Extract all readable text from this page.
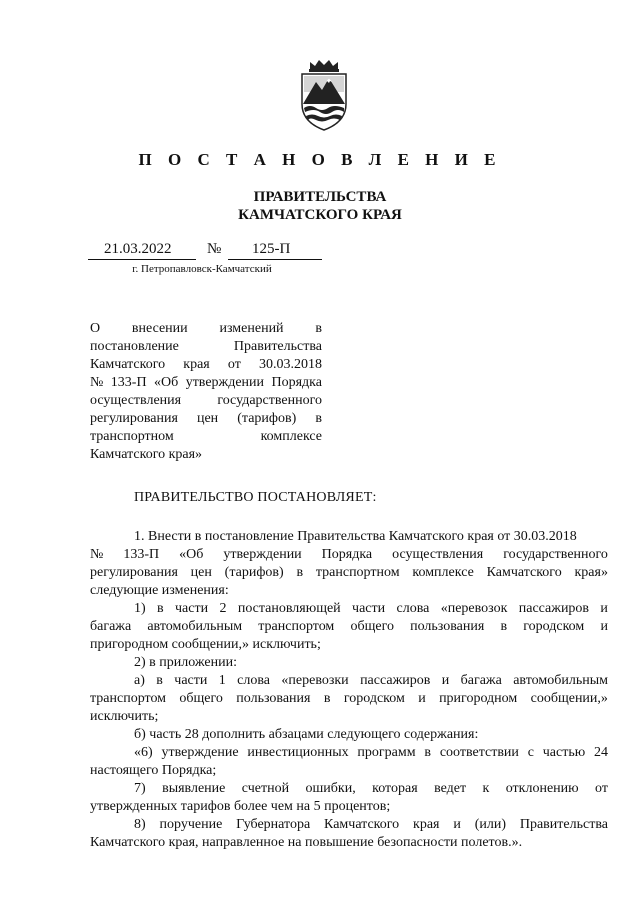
П О С Т А Н О В Л Е Н И Е
ПРАВИТЕЛЬСТВА
КАМЧАТСКОГО КРАЯ
21.03.2022 № 125-П
г. Петропавловск-Камчатский
О внесении изменений в
постановление	Правительства
Камчатского края от 30.03.2018
№ 133-П «Об утверждении Порядка
осуществления	государственного
регулирования цен (тарифов) в
транспортном	комплексе
Камчатского края»
ПРАВИТЕЛЬСТВО ПОСТАНОВЛЯЕТ:
1. Внести в постановление Правительства Камчатского края от 30.03.2018
№ 133-П «Об утверждении Порядка осуществления государственного
регулирования цен (тарифов) в транспортном комплексе Камчатского края»
следующие изменения:
1) в части 2 постановляющей части слова «перевозок пассажиров и
багажа автомобильным транспортом общего пользования в городском и
пригородном сообщении,» исключить;
2) в приложении:
а) в части 1 слова «перевозки пассажиров и багажа автомобильным
транспортом общего пользования в городском и пригородном сообщении,»
исключить;
б) часть 28 дополнить абзацами следующего содержания:
«6) утверждение инвестиционных программ в соответствии с частью 24
настоящего Порядка;
7) выявление счетной ошибки, которая ведет к отклонению от
утвержденных тарифов более чем на 5 процентов;
8) поручение Губернатора Камчатского края и (или) Правительства
Камчатского края, направленное на повышение безопасности полетов.».
